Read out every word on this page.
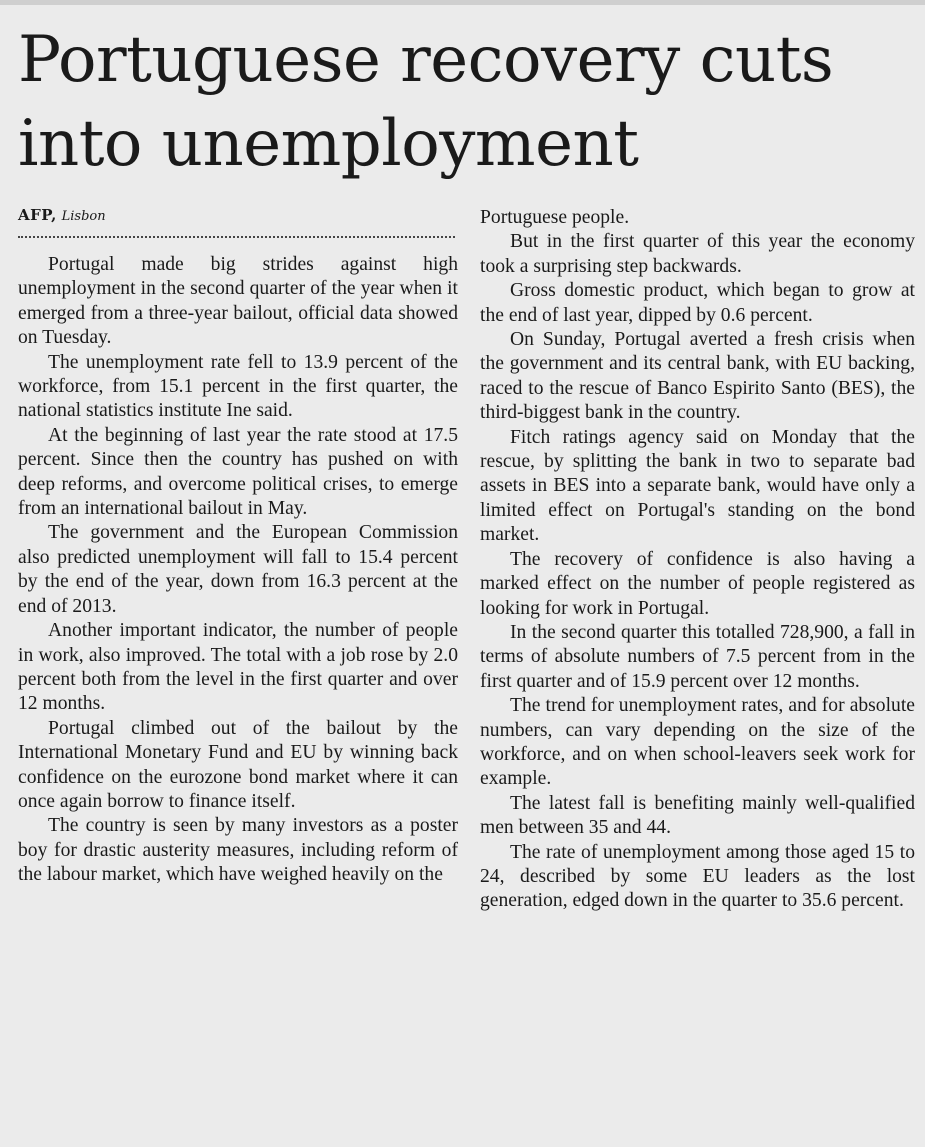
Portuguese recovery cuts into unemployment
AFP, Lisbon

Portugal made big strides against high unemployment in the second quarter of the year when it emerged from a three-year bailout, official data showed on Tuesday.

The unemployment rate fell to 13.9 percent of the workforce, from 15.1 percent in the first quarter, the national statistics institute Ine said.

At the beginning of last year the rate stood at 17.5 percent. Since then the country has pushed on with deep reforms, and overcome political crises, to emerge from an international bailout in May.

The government and the European Commission also predicted unemployment will fall to 15.4 percent by the end of the year, down from 16.3 percent at the end of 2013.

Another important indicator, the number of people in work, also improved. The total with a job rose by 2.0 percent both from the level in the first quarter and over 12 months.

Portugal climbed out of the bailout by the International Monetary Fund and EU by winning back confidence on the eurozone bond market where it can once again borrow to finance itself.

The country is seen by many investors as a poster boy for drastic austerity measures, including reform of the labour market, which have weighed heavily on the

Portuguese people.

But in the first quarter of this year the economy took a surprising step backwards.

Gross domestic product, which began to grow at the end of last year, dipped by 0.6 percent.

On Sunday, Portugal averted a fresh crisis when the government and its central bank, with EU backing, raced to the rescue of Banco Espirito Santo (BES), the third-biggest bank in the country.

Fitch ratings agency said on Monday that the rescue, by splitting the bank in two to separate bad assets in BES into a separate bank, would have only a limited effect on Portugal's standing on the bond market.

The recovery of confidence is also having a marked effect on the number of people registered as looking for work in Portugal.

In the second quarter this totalled 728,900, a fall in terms of absolute numbers of 7.5 percent from in the first quarter and of 15.9 percent over 12 months.

The trend for unemployment rates, and for absolute numbers, can vary depending on the size of the workforce, and on when school-leavers seek work for example.

The latest fall is benefiting mainly well-qualified men between 35 and 44.

The rate of unemployment among those aged 15 to 24, described by some EU leaders as the lost generation, edged down in the quarter to 35.6 percent.
